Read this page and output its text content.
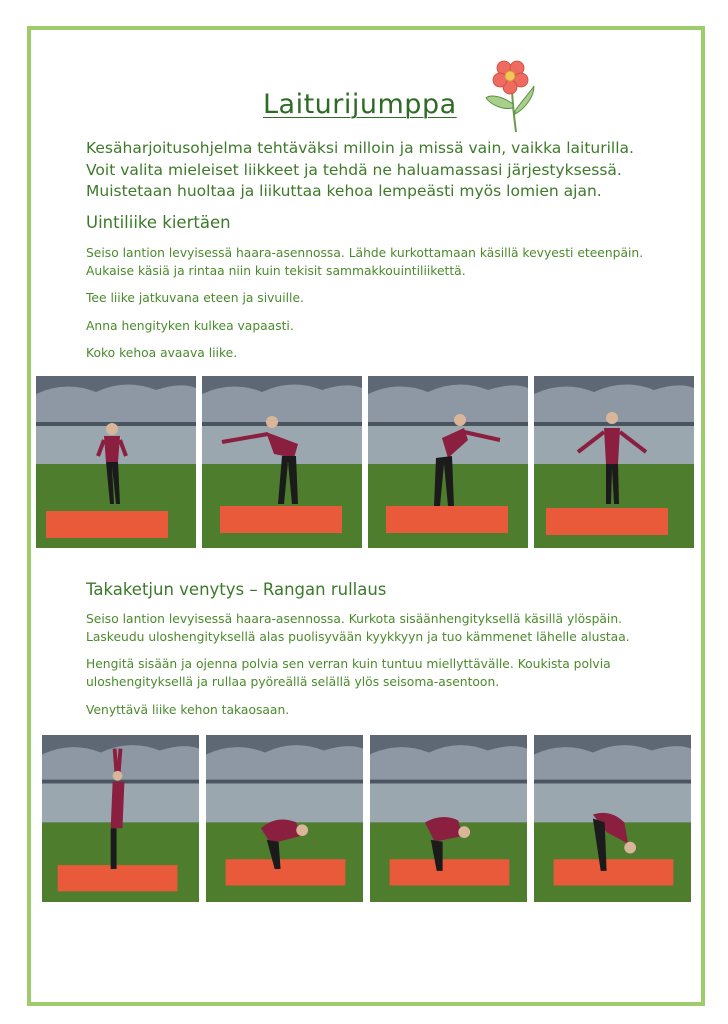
Laiturijumppa

Kesäharjoitusohjelma tehtäväksi milloin ja missä vain, vaikka laiturilla.
Voit valita mieleiset liikkeet ja tehdä ne haluamassasi järjestyksessä.
Muistetaan huoltaa ja liikuttaa kehoa lempeästi myös lomien ajan.

Uintiliike kiertäen

Seiso lantion levyisessä haara-asennossa. Lähde kurkottamaan käsillä kevyesti eteenpäin.
Aukaise käsiä ja rintaa niin kuin tekisit sammakkouintiliikettä.

Tee liike jatkuvana eteen ja sivuille.

Anna hengityken kulkea vapaasti.

Koko kehoa avaava liike.

Takaketjun venytys – Rangan rullaus

Seiso lantion levyisessä haara-asennossa. Kurkota sisäänhengityksellä käsillä ylöspäin.
Laskeudu uloshengityksellä alas puolisyvään kyykkyyn ja tuo kämmenet lähelle alustaa.

Hengitä sisään ja ojenna polvia sen verran kuin tuntuu miellyttävälle. Koukista polvia
uloshengityksellä ja rullaa pyöreällä selällä ylös seisoma-asentoon.

Venyttävä liike kehon takaosaan.
